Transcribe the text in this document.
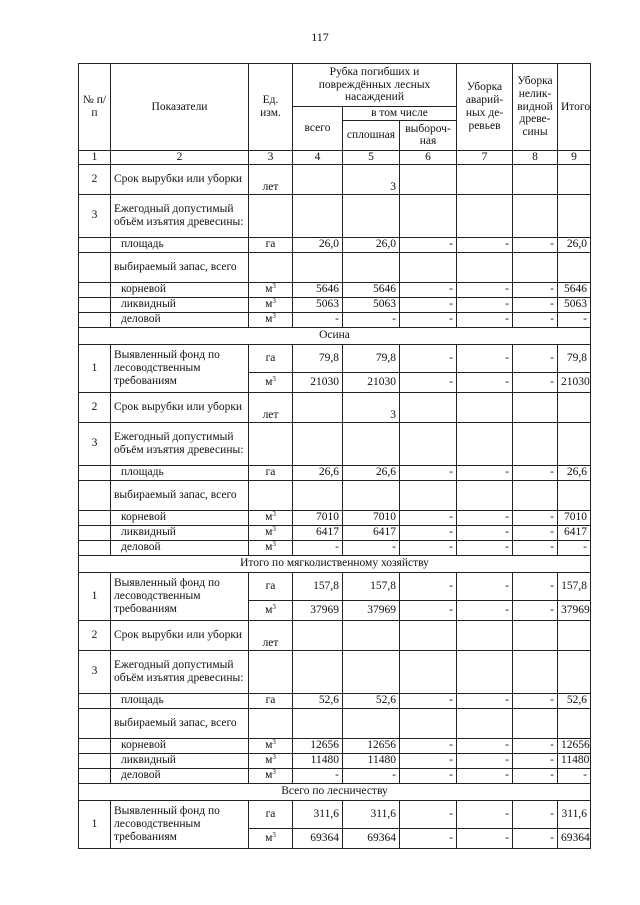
117
№ п/п	Показатели	Ед. изм.	Рубка погибших и повреждённых лесных насаждений			Уборка аварий-ных де-ревьев	Уборка нелик-видной древе-сины	Итого
			всего	в том числе				
				сплошная	выбороч-ная			
1	2	3	4	5	6	7	8	9
2	Срок вырубки или уборки	лет		3				
3	Ежегодный допустимый объём изъятия древесины:							
	площадь	га	26,0	26,0	-	-	-	26,0
	выбираемый запас, всего							
	корневой	$м^3$	5646	5646	-	-	-	5646
	ликвидный	$м^3$	5063	5063	-	-	-	5063
	деловой	$м^3$	-	-	-	-	-	-
Осина								
1	Выявленный фонд по лесоводственным требованиям	га	79,8	79,8	-	-	-	79,8
		$м^3$	21030	21030	-	-	-	21030
2	Срок вырубки или уборки	лет		3				
3	Ежегодный допустимый объём изъятия древесины:							
	площадь	га	26,6	26,6	-	-	-	26,6
	выбираемый запас, всего							
	корневой	$м^3$	7010	7010	-	-	-	7010
	ликвидный	$м^3$	6417	6417	-	-	-	6417
	деловой	$м^3$	-	-	-	-	-	-
Итого по мягколиственному хозяйству								
1	Выявленный фонд по лесоводственным требованиям	га	157,8	157,8	-	-	-	157,8
		$м^3$	37969	37969	-	-	-	37969
2	Срок вырубки или уборки	лет						
3	Ежегодный допустимый объём изъятия древесины:							
	площадь	га	52,6	52,6	-	-	-	52,6
	выбираемый запас, всего							
	корневой	$м^3$	12656	12656	-	-	-	12656
	ликвидный	$м^3$	11480	11480	-	-	-	11480
	деловой	$м^3$	-	-	-	-	-	-
Всего по лесничеству								
1	Выявленный фонд по лесоводственным требованиям	га	311,6	311,6	-	-	-	311,6
		$м^3$	69364	69364	-	-	-	69364
